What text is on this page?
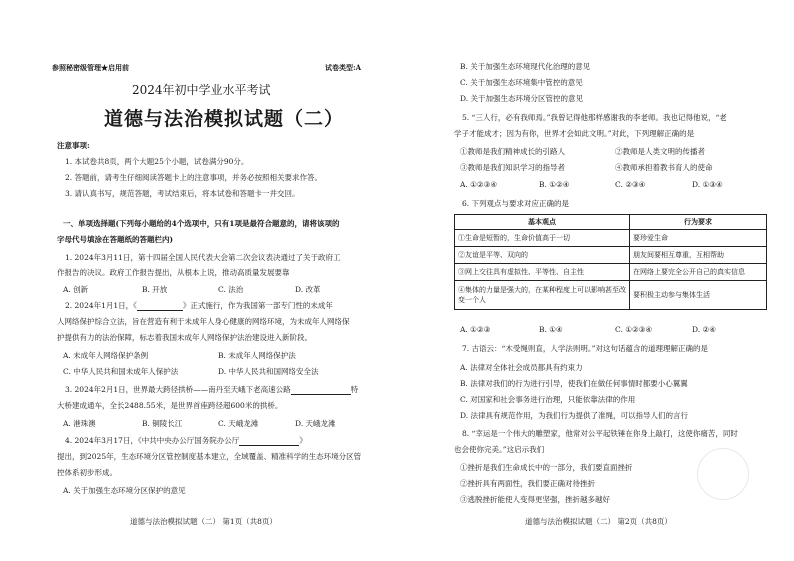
参照秘密级管理★启用前	试卷类型:A
2024年初中学业水平考试
道德与法治模拟试题（二）
注意事项:
1. 本试卷共8页，两个大题25个小题，试卷满分90分。
2. 答题前，请考生仔细阅读答题卡上的注意事项，并务必按照相关要求作答。
3. 请认真书写，规范答题，考试结束后，将本试卷和答题卡一并交回。
一、单项选择题(下列每小题给的4个选项中，只有1项是最符合题意的，请将该项的
字母代号填涂在答题纸的答题栏内)
1. 2024年3月11日，第十四届全国人民代表大会第二次会议表决通过了关于政府工
作报告的决议。政府工作报告提出，从根本上说，推动高质量发展要靠
A. 创新	B. 开放	C. 法治	D. 改革
2. 2024年1月1日，《	》正式施行，作为我国第一部专门性的未成年
人网络保护综合立法，旨在营造有利于未成年人身心健康的网络环境，为未成年人网络保
护提供有力的法治保障，标志着我国未成年人网络保护法治建设进入新阶段。
A. 未成年人网络保护条例	B. 未成年人网络保护法
C. 中华人民共和国未成年人保护法	D. 中华人民共和国网络安全法
3. 2024年2月1日，世界最大跨径拱桥——南丹至天峨下老高速公路	特
大桥建成通车，全长2488.55米，是世界首座跨径超600米的拱桥。
A. 港珠澳	B. 铜陵长江	C. 天峨龙滩	D. 天峨龙滩
4. 2024年3月17日，《中共中央办公厅国务院办公厅	》
提出，到2025年，生态环境分区管控制度基本建立，全域覆盖、精准科学的生态环境分区管
控体系初步形成。
A. 关于加强生态环境分区保护的意见
道德与法治模拟试题（二） 第1页（共8页）
B. 关于加强生态环境现代化治理的意见
C. 关于加强生态环境集中管控的意见
D. 关于加强生态环境分区管控的意见
5. “三人行，必有我师焉。”我曾记得他那样感谢我的李老师。我也记得他说，“老
学子才能成才；因为有你，世界才会如此文明。”对此，下列理解正确的是
①教师是我们精神成长的引路人	②教师是人类文明的传播者
③教师是我们知识学习的指导者	④教师承担着教书育人的使命
A. ①②③④	B. ①②④	C. ②③④	D. ①③④
6. 下列观点与要求对应正确的是
基本观点	行为要求
①生命是短暂的，生命价值高于一切	要珍爱生命
②友谊是平等、双向的	朋友间要相互尊重，互相帮助
③网上交往具有虚拟性、平等性、自主性	在网络上要完全公开自己的真实信息
④集体的力量是强大的，在某种程度上可以影响甚至改变一个人	要积极主动参与集体生活
A. ①②③	B. ①④	C. ①②③④	D. ②④
7. 古语云：“木受绳则直，人学法则明。”对这句话蕴含的道理理解正确的是
A. 法律对全体社会成员都具有约束力
B. 法律对我们的行为进行引导，使我们在做任何事情时都要小心翼翼
C. 对国家和社会事务进行治理，只能依靠法律的作用
D. 法律具有规范作用，为我们行为提供了准绳，可以指导人们的言行
8. “幸运是一个伟大的雕塑家，他常对公平起铁锤在你身上敲打，这使你痛苦，同时
也会使你完美。”这启示我们
①挫折是我们生命成长中的一部分，我们要直面挫折
②挫折具有两面性，我们要正确对待挫折
③逃脱挫折能使人变得更坚强，挫折越多越好
道德与法治模拟试题（二） 第2页（共8页）
